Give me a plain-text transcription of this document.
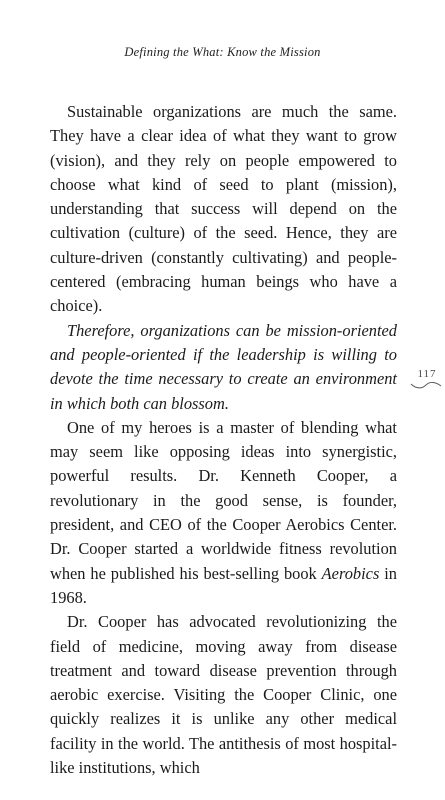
Defining the What: Know the Mission
117

Sustainable organizations are much the same. They have a clear idea of what they want to grow (vision), and they rely on people empowered to choose what kind of seed to plant (mission), understanding that success will depend on the cultivation (culture) of the seed. Hence, they are culture-driven (constantly cultivating) and people-centered (embracing human beings who have a choice).

Therefore, organizations can be mission-oriented and people-oriented if the leadership is willing to devote the time necessary to create an environment in which both can blossom.

One of my heroes is a master of blending what may seem like opposing ideas into synergistic, powerful results. Dr. Kenneth Cooper, a revolutionary in the good sense, is founder, president, and CEO of the Cooper Aerobics Center. Dr. Cooper started a worldwide fitness revolution when he published his best-selling book Aerobics in 1968.

Dr. Cooper has advocated revolutionizing the field of medicine, moving away from disease treatment and toward disease prevention through aerobic exercise. Visiting the Cooper Clinic, one quickly realizes it is unlike any other medical facility in the world. The antithesis of most hospital-like institutions, which
